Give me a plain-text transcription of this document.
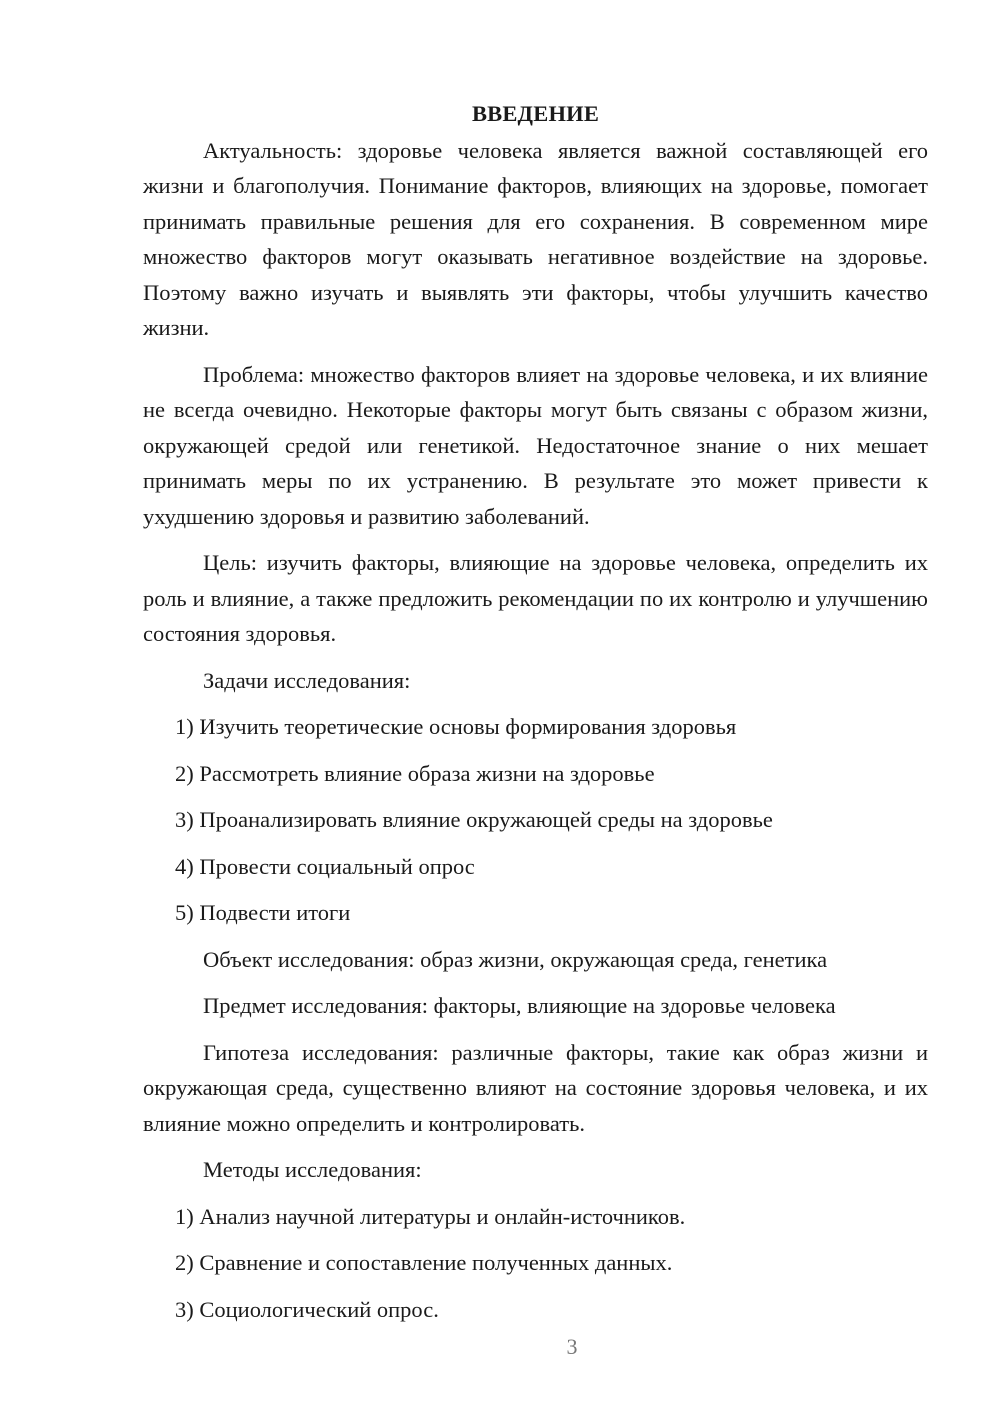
ВВЕДЕНИЕ

Актуальность: здоровье человека является важной составляющей его жизни и благополучия. Понимание факторов, влияющих на здоровье, помогает принимать правильные решения для его сохранения. В современном мире множество факторов могут оказывать негативное воздействие на здоровье. Поэтому важно изучать и выявлять эти факторы, чтобы улучшить качество жизни.

Проблема: множество факторов влияет на здоровье человека, и их влияние не всегда очевидно. Некоторые факторы могут быть связаны с образом жизни, окружающей средой или генетикой. Недостаточное знание о них мешает принимать меры по их устранению. В результате это может привести к ухудшению здоровья и развитию заболеваний.

Цель: изучить факторы, влияющие на здоровье человека, определить их роль и влияние, а также предложить рекомендации по их контролю и улучшению состояния здоровья.

Задачи исследования:

1) Изучить теоретические основы формирования здоровья
2) Рассмотреть влияние образа жизни на здоровье
3) Проанализировать влияние окружающей среды на здоровье
4) Провести социальный опрос
5) Подвести итоги

Объект исследования: образ жизни, окружающая среда, генетика

Предмет исследования: факторы, влияющие на здоровье человека

Гипотеза исследования: различные факторы, такие как образ жизни и окружающая среда, существенно влияют на состояние здоровья человека, и их влияние можно определить и контролировать.

Методы исследования:

1) Анализ научной литературы и онлайн-источников.
2) Сравнение и сопоставление полученных данных.
3) Социологический опрос.
3
